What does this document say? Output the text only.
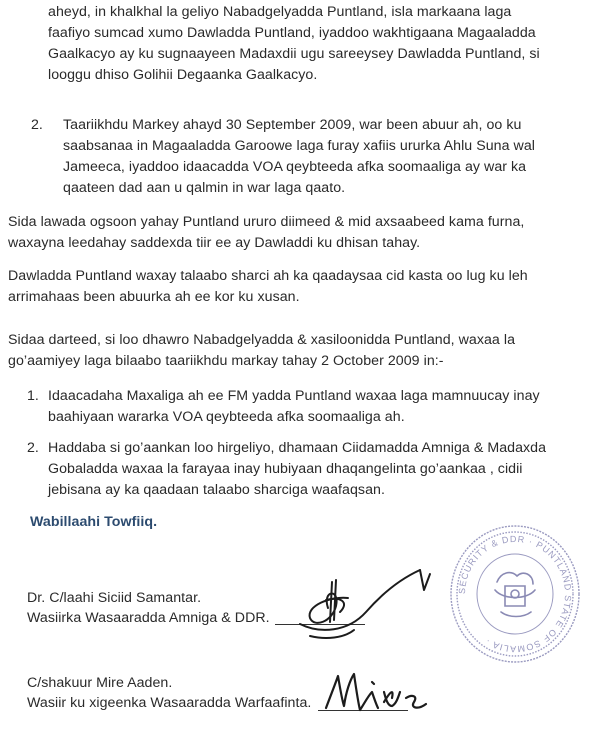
aheyd, in khalkhal la geliyo Nabadgelyadda Puntland, isla markaana laga

faafiyo sumcad xumo Dawladda Puntland, iyaddoo wakhtigaana Magaaladda

Gaalkacyo ay ku sugnaayeen Madaxdii ugu sareeysey Dawladda Puntland, si

looggu dhiso Golihii Degaanka Gaalkacyo.

2. Taariikhdu Markey ahayd 30 September 2009, war been abuur ah, oo ku

saabsanaa in Magaaladda Garoowe laga furay xafiis ururka Ahlu Suna wal

Jameeca, iyaddoo idaacadda VOA qeybteeda afka soomaaliga ay war ka

qaateen dad aan u qalmin in war laga qaato.

Sida lawada ogsoon yahay Puntland ururo diimeed & mid axsaabeed kama furna,

waxayna leedahay saddexda tiir ee ay Dawladdi ku dhisan tahay.

Dawladda Puntland waxay talaabo sharci ah ka qaadaysaa cid kasta oo lug ku leh

arrimahaas been abuurka ah ee kor ku xusan.

Sidaa darteed, si loo dhawro Nabadgelyadda & xasiloonidda Puntland, waxaa la

go’aamiyey laga bilaabo taariikhdu markay tahay 2 October 2009 in:-

1. Idaacadaha Maxaliga ah ee FM yadda Puntland waxaa laga mamnuucay inay

baahiyaan wararka VOA qeybteeda afka soomaaliga ah.

2. Haddaba si go’aankan loo hirgeliyo, dhamaan Ciidamadda Amniga & Madaxda

Gobaladda waxaa la farayaa inay hubiyaan dhaqangelinta go’aankaa , cidii

jebisana ay ka qaadaan talaabo sharciga waafaqsan.

Wabillaahi Towfiiq.

Dr. C/laahi Siciid Samantar.

Wasiirka Wasaaradda Amniga & DDR.

C/shakuur Mire Aaden.

Wasiir ku xigeenka Wasaaradda Warfaafinta.

SECURITY & DDR · PUNTLAND STATE OF SOMALIA ·
